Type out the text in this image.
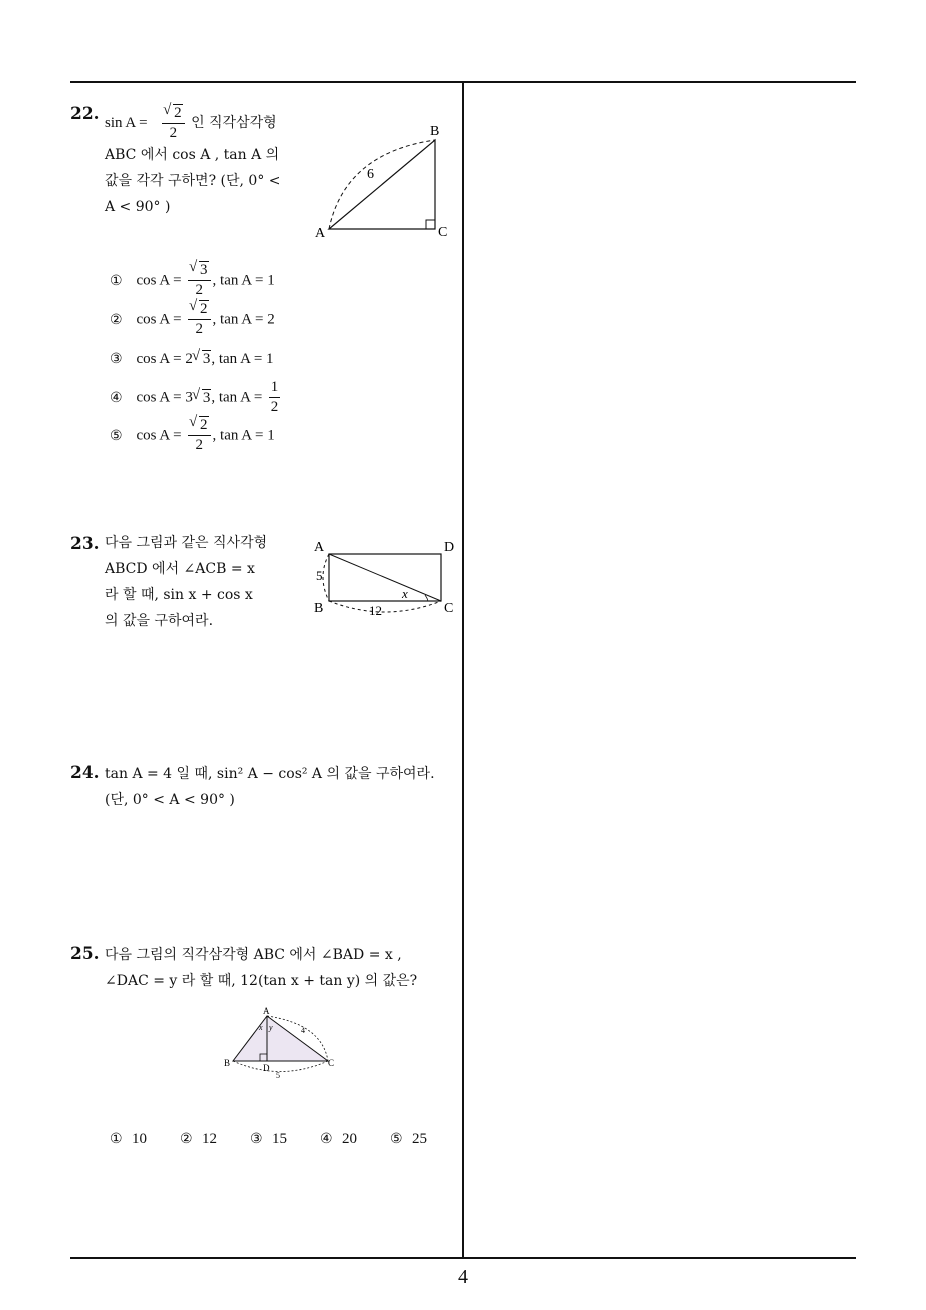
22. sin A = √ $\frac{2}{2}$ 인 직각삼각형
ABC 에서 cos A , tan A 의
값을 각각 구하면? (단, 0° <
A < 90° )
A
B
C
6
① cos A = √ $\frac{3}{2}$ , tan A = 1
② cos A = √ $\frac{2}{2}$ , tan A = 2
③ cos A = 2 √ 3, tan A = 1
④ cos A = 3 √ 3, $\tan A = \frac{1}{2}$
⑤ cos A = √ $\frac{2}{2}$ , tan A = 1
23. 다음 그림과 같은 직사각형
ABCD 에서 ∠ACB = x
라 할 때, sin x + cos x
의 값을 구하여라.
A	D
B	C
5
12
x
24. tan A = 4 일 때, sin² A − cos² A 의 값을 구하여라.
(단, 0° < A < 90° )
25. 다음 그림의 직각삼각형 ABC 에서 ∠BAD = x ,
∠DAC = y 라 할 때, 12(tan x + tan y) 의 값은?
A
B	C
D
x y	4
5
① 10 ② 12 ③ 15 ④ 20 ⑤ 25
4
